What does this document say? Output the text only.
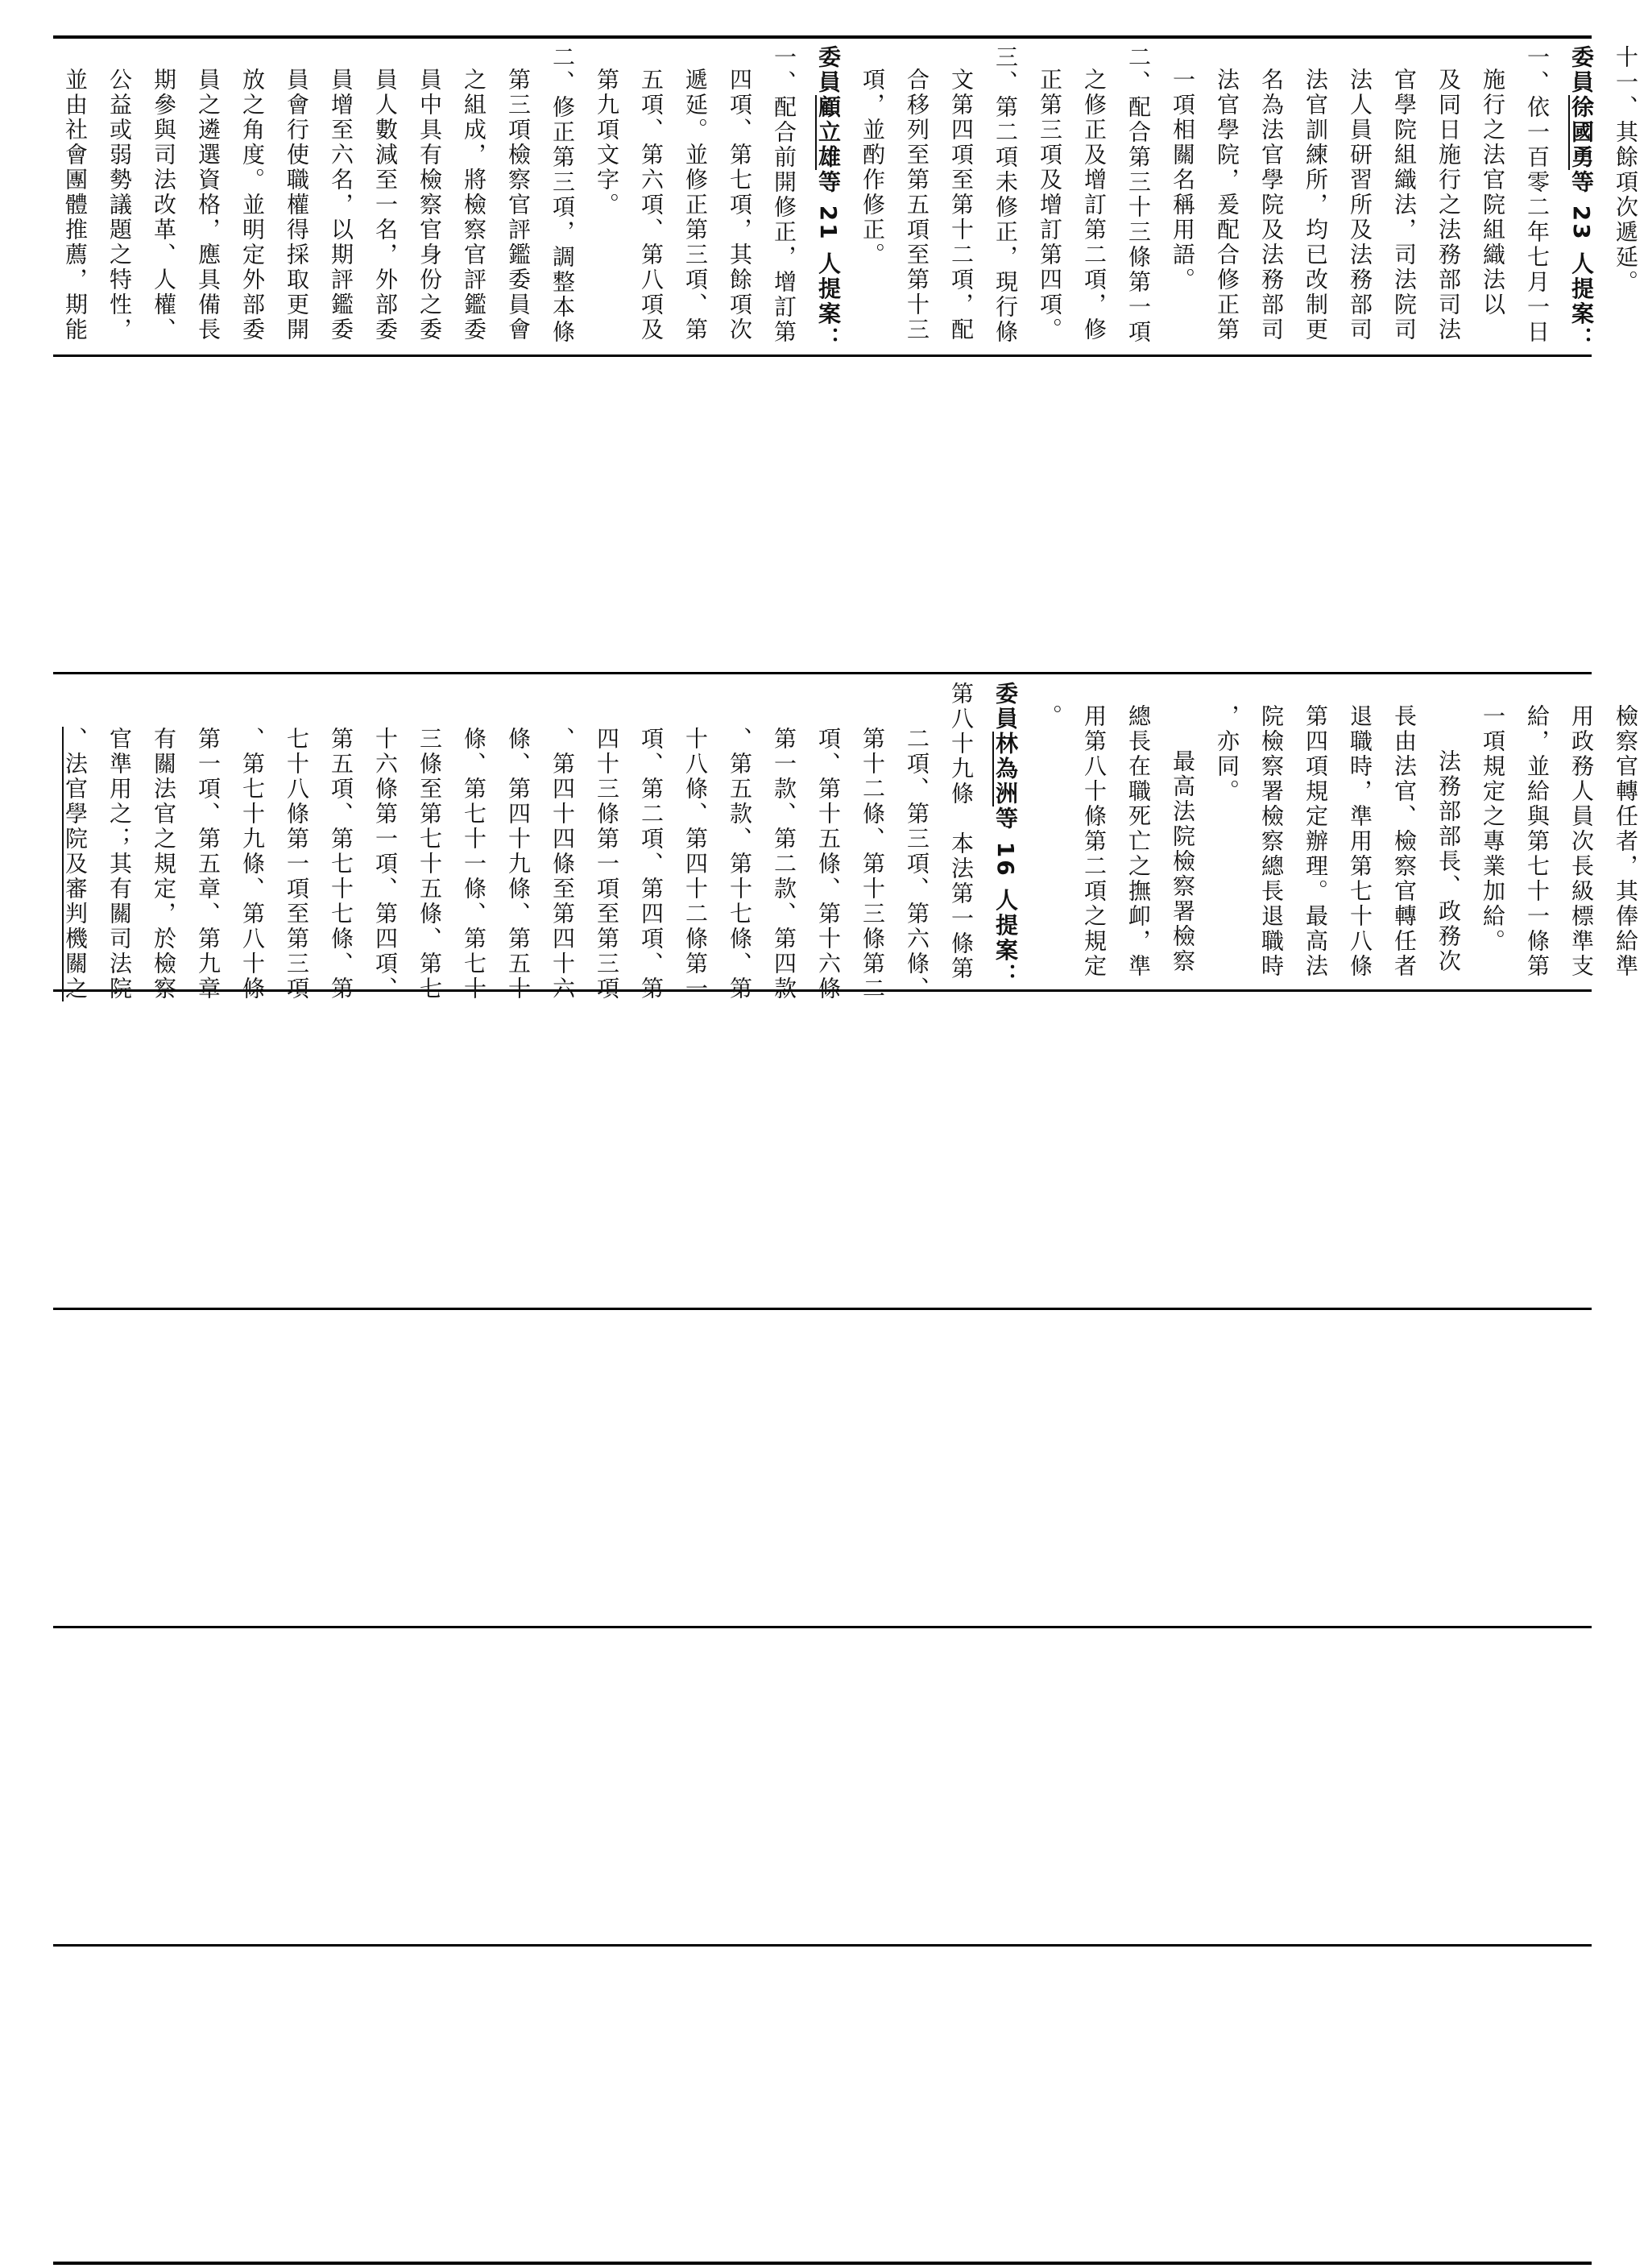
十一、其餘項次遞延。
委員徐國勇等 23 人提案：
一、依一百零二年七月一日
施行之法官院組織法以
及同日施行之法務部司法
官學院組織法，司法院司
法人員研習所及法務部司
法官訓練所，均已改制更
名為法官學院及法務部司
法官學院，爰配合修正第
一項相關名稱用語。
二、配合第三十三條第一項
之修正及增訂第二項，修
正第三項及增訂第四項。
三、第二項未修正，現行條
文第四項至第十二項，配
合移列至第五項至第十三
項，並酌作修正。
委員顧立雄等 21 人提案：
一、配合前開修正，增訂第
四項、第七項，其餘項次
遞延。並修正第三項、第
五項、第六項、第八項及
第九項文字。
二、修正第三項，調整本條
第三項檢察官評鑑委員會
之組成，將檢察官評鑑委
員中具有檢察官身份之委
員人數減至一名，外部委
員增至六名，以期評鑑委
員會行使職權得採取更開
放之角度。並明定外部委
員之遴選資格，應具備長
期參與司法改革、人權、
公益或弱勢議題之特性，
並由社會團體推薦，期能
檢察官轉任者，其俸給準
用政務人員次長級標準支
給，並給與第七十一條第
一項規定之專業加給。
法務部部長、政務次
長由法官、檢察官轉任者
退職時，準用第七十八條
第四項規定辦理。最高法
院檢察署檢察總長退職時
，亦同。
最高法院檢察署檢察
總長在職死亡之撫卹，準
用第八十條第二項之規定
。
委員林為洲等 16 人提案：
第八十九條　本法第一條第
二項、第三項、第六條、
第十二條、第十三條第二
項、第十五條、第十六條
第一款、第二款、第四款
、第五款、第十七條、第
十八條、第四十二條第一
項、第二項、第四項、第
四十三條第一項至第三項
、第四十四條至第四十六
條、第四十九條、第五十
條、第七十一條、第七十
三條至第七十五條、第七
十六條第一項、第四項、
第五項、第七十七條、第
七十八條第一項至第三項
、第七十九條、第八十條
第一項、第五章、第九章
有關法官之規定，於檢察
官準用之；其有關司法院
、法官學院及審判機關之
